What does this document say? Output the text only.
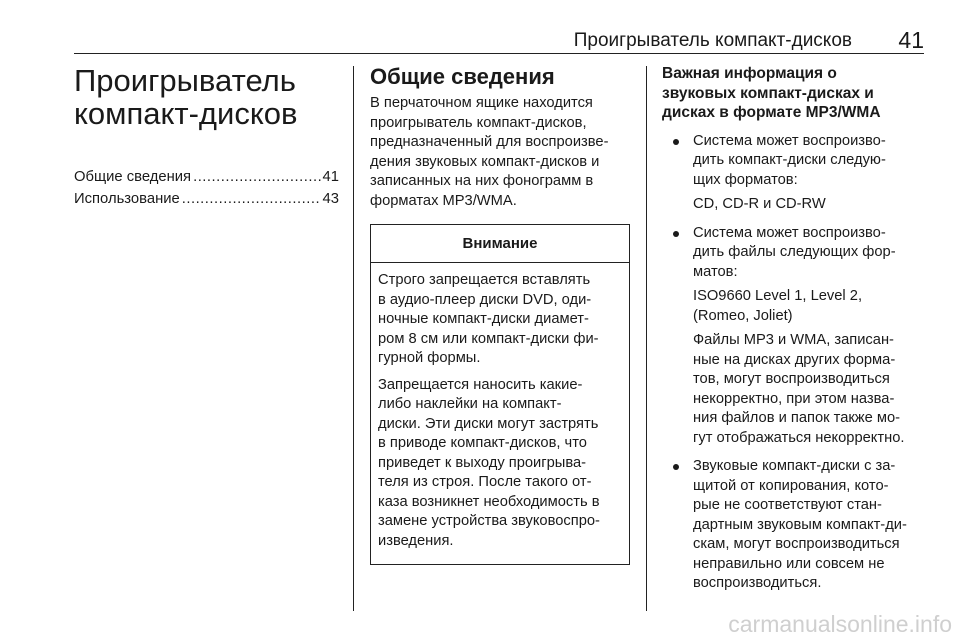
Проигрыватель компакт-дисков 41
Проигрыватель
компакт-дисков
Общие сведения .....	41
Использование .....	43
Общие сведения

В перчаточном ящике находится
проигрыватель компакт-дисков,
предназначенный для воспроизве-
дения звуковых компакт-дисков и
записанных на них фонограмм в
форматах MP3/WMA.

Внимание

Строго запрещается вставлять
в аудио-плеер диски DVD, оди-
ночные компакт-диски диамет-
ром 8 см или компакт-диски фи-
гурной формы.

Запрещается наносить какие-
либо наклейки на компакт-
диски. Эти диски могут застрять
в приводе компакт-дисков, что
приведет к выходу проигрыва-
теля из строя. После такого от-
каза возникнет необходимость в
замене устройства звуковоспро-
изведения.

Важная информация о
звуковых компакт-дисках и
дисках в формате MP3/WMA

Система может воспроизво-
дить компакт-диски следую-
щих форматов:

CD, CD-R и CD-RW

Система может воспроизво-
дить файлы следующих фор-
матов:

ISO9660 Level 1, Level 2,
(Romeo, Joliet)

Файлы MP3 и WMA, записан-
ные на дисках других форма-
тов, могут воспроизводиться
некорректно, при этом назва-
ния файлов и папок также мо-
гут отображаться некорректно.

Звуковые компакт-диски с за-
щитой от копирования, кото-
рые не соответствуют стан-
дартным звуковым компакт-ди-
скам, могут воспроизводиться
неправильно или совсем не
воспроизводиться.

carmanualsonline.info
